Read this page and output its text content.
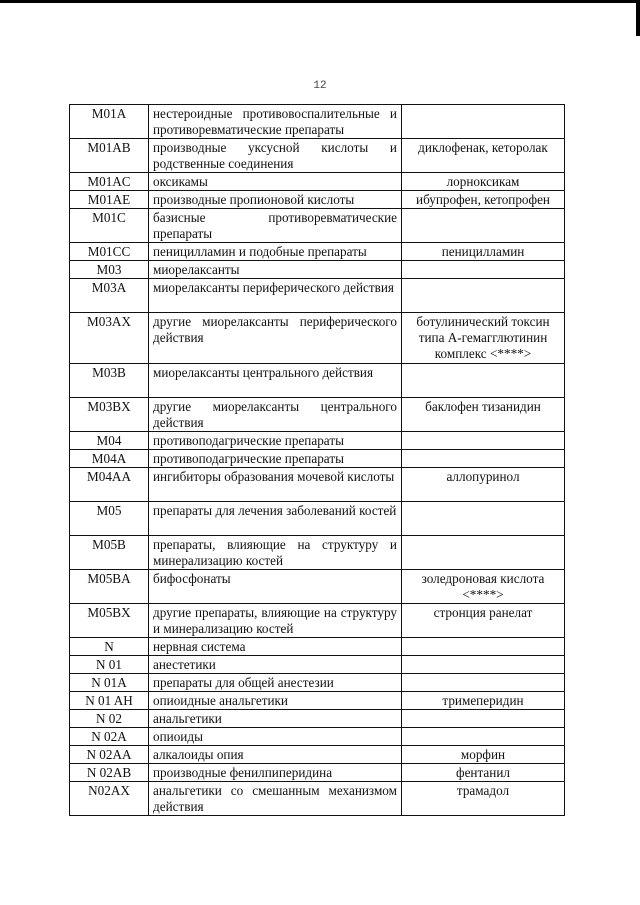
12
M01A	нестероидные противовоспалительные и противоревматические препараты	
M01AB	производные уксусной кислоты и родственные соединения	диклофенак, кеторолак
M01AC	оксикамы	лорноксикам
M01AE	производные пропионовой кислоты	ибупрофен, кетопрофен
M01C	базисные противоревматические препараты	
M01CC	пеницилламин и подобные препараты	пеницилламин
M03	миорелаксанты	
M03A	миорелаксанты периферического действия	
M03AX	другие миорелаксанты периферического действия	ботулинический токсин типа А-гемагглютинин комплекс <****>
M03B	миорелаксанты центрального действия	
M03BX	другие миорелаксанты центрального действия	баклофен тизанидин
M04	противоподагрические препараты	
M04A	противоподагрические препараты	
M04AA	ингибиторы образования мочевой кислоты	аллопуринол
M05	препараты для лечения заболеваний костей	
M05B	препараты, влияющие на структуру и минерализацию костей	
M05BA	бифосфонаты	золедроновая кислота <****>
M05BX	другие препараты, влияющие на структуру и минерализацию костей	стронция ранелат
N	нервная система	
N 01	анестетики	
N 01A	препараты для общей анестезии	
N 01 AH	опиоидные анальгетики	тримеперидин
N 02	анальгетики	
N 02A	опиоиды	
N 02AA	алкалоиды опия	морфин
N 02AB	производные фенилпиперидина	фентанил
N02AX	анальгетики со смешанным механизмом действия	трамадол
